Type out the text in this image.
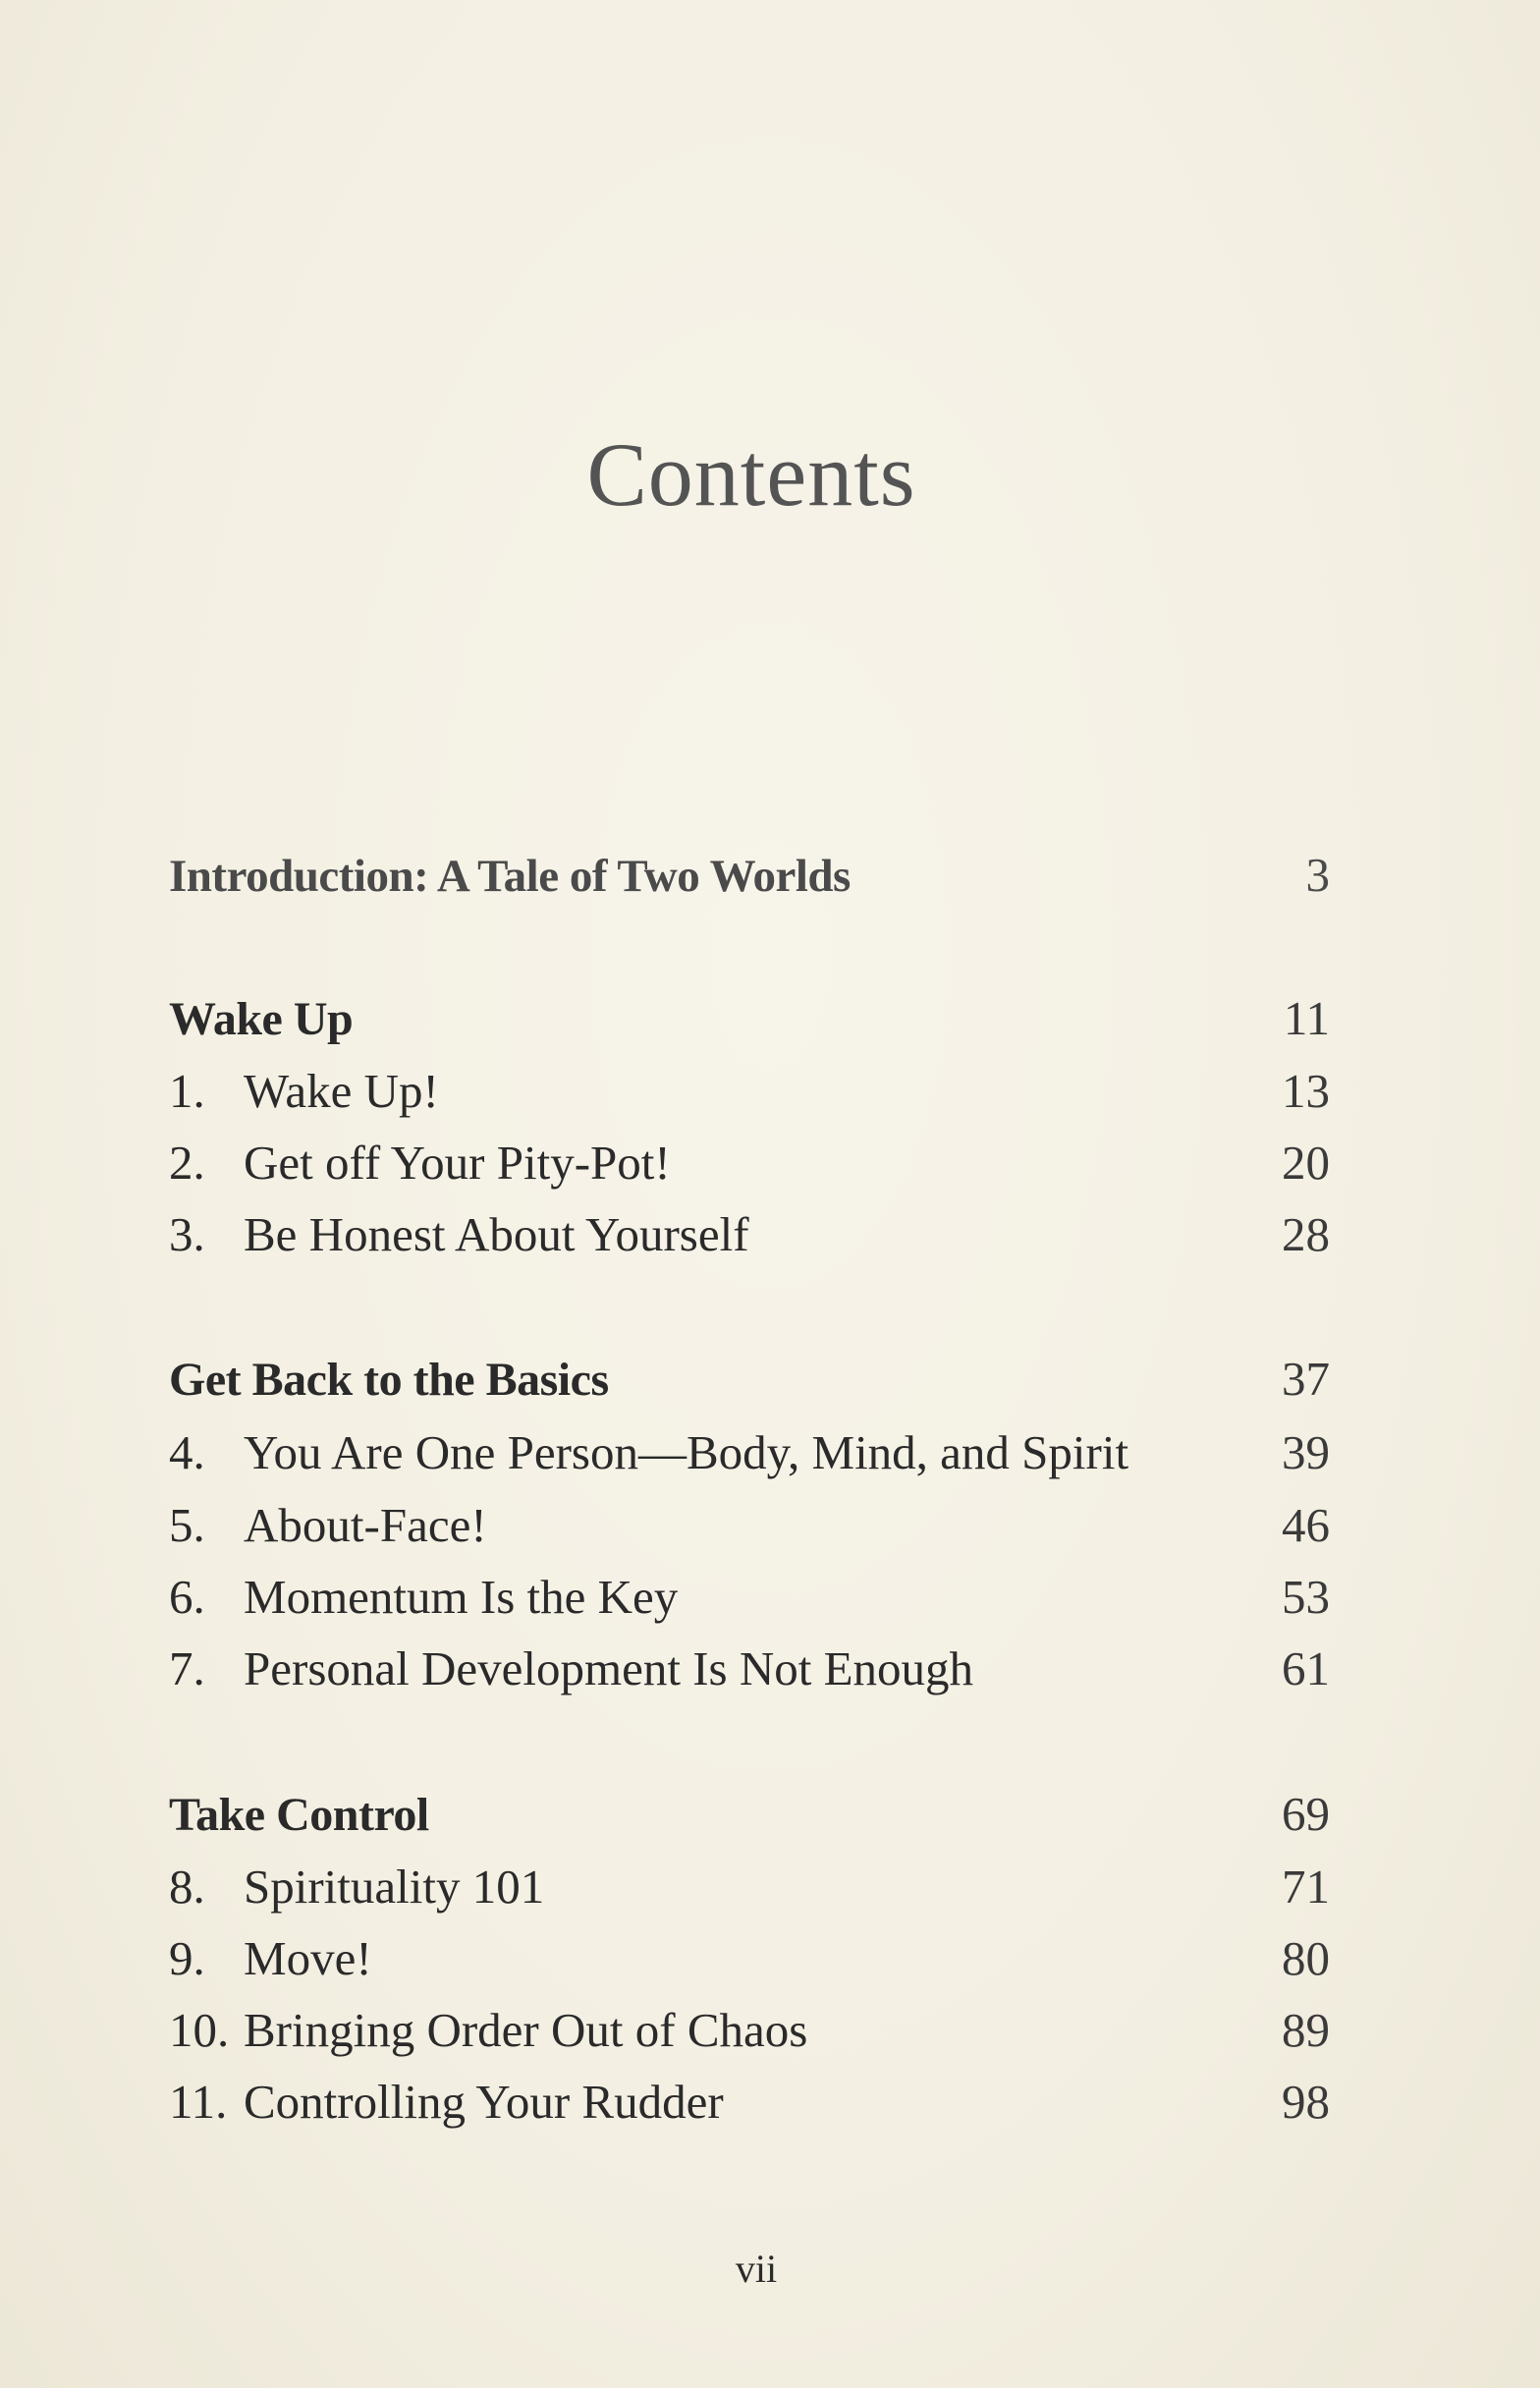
Contents
Introduction: A Tale of Two Worlds	3
Wake Up	11
1. Wake Up!	13
2. Get off Your Pity-Pot!	20
3. Be Honest About Yourself	28
Get Back to the Basics	37
4. You Are One Person—Body, Mind, and Spirit	39
5. About-Face!	46
6. Momentum Is the Key	53
7. Personal Development Is Not Enough	61
Take Control	69
8. Spirituality 101	71
9. Move!	80
10. Bringing Order Out of Chaos	89
11. Controlling Your Rudder	98
vii
